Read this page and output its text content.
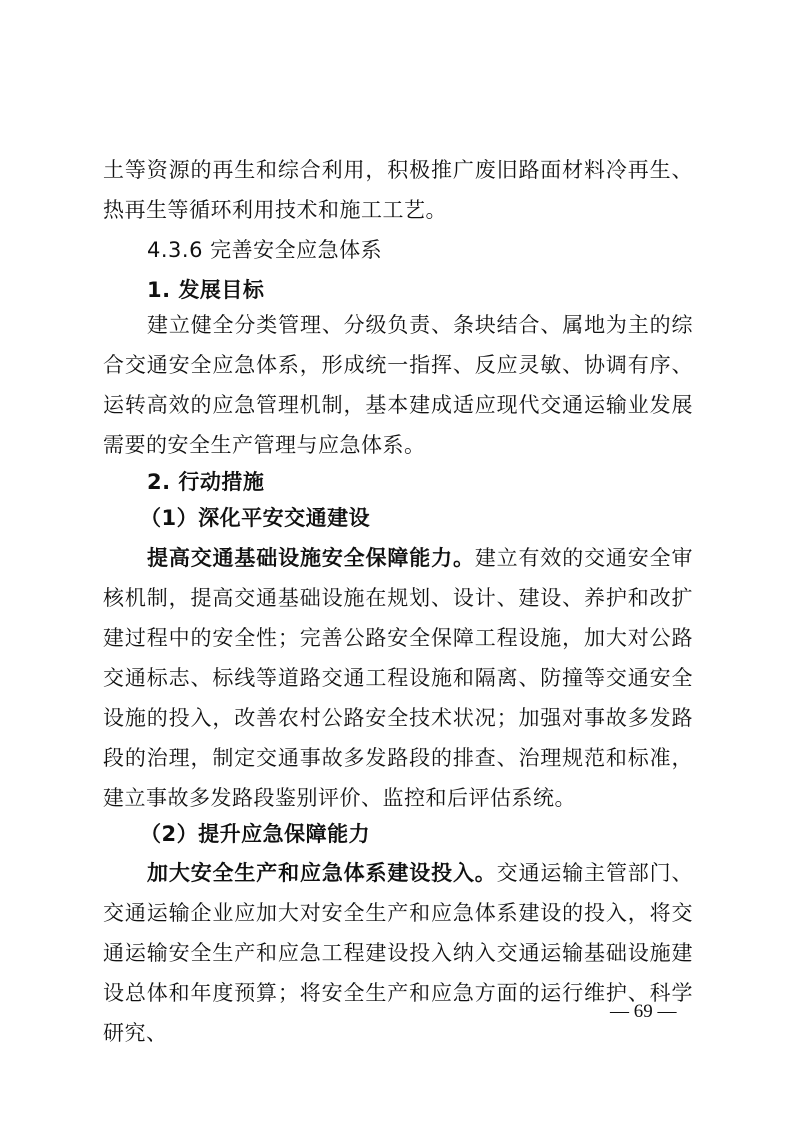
土等资源的再生和综合利用，积极推广废旧路面材料冷再生、热再生等循环利用技术和施工工艺。

4.3.6 完善安全应急体系

1. 发展目标

建立健全分类管理、分级负责、条块结合、属地为主的综合交通安全应急体系，形成统一指挥、反应灵敏、协调有序、运转高效的应急管理机制，基本建成适应现代交通运输业发展需要的安全生产管理与应急体系。

2. 行动措施

（1）深化平安交通建设

提高交通基础设施安全保障能力。建立有效的交通安全审核机制，提高交通基础设施在规划、设计、建设、养护和改扩建过程中的安全性；完善公路安全保障工程设施，加大对公路交通标志、标线等道路交通工程设施和隔离、防撞等交通安全设施的投入，改善农村公路安全技术状况；加强对事故多发路段的治理，制定交通事故多发路段的排查、治理规范和标准，建立事故多发路段鉴别评价、监控和后评估系统。

（2）提升应急保障能力

加大安全生产和应急体系建设投入。交通运输主管部门、交通运输企业应加大对安全生产和应急体系建设的投入，将交通运输安全生产和应急工程建设投入纳入交通运输基础设施建设总体和年度预算；将安全生产和应急方面的运行维护、科学研究、

— 69 —
